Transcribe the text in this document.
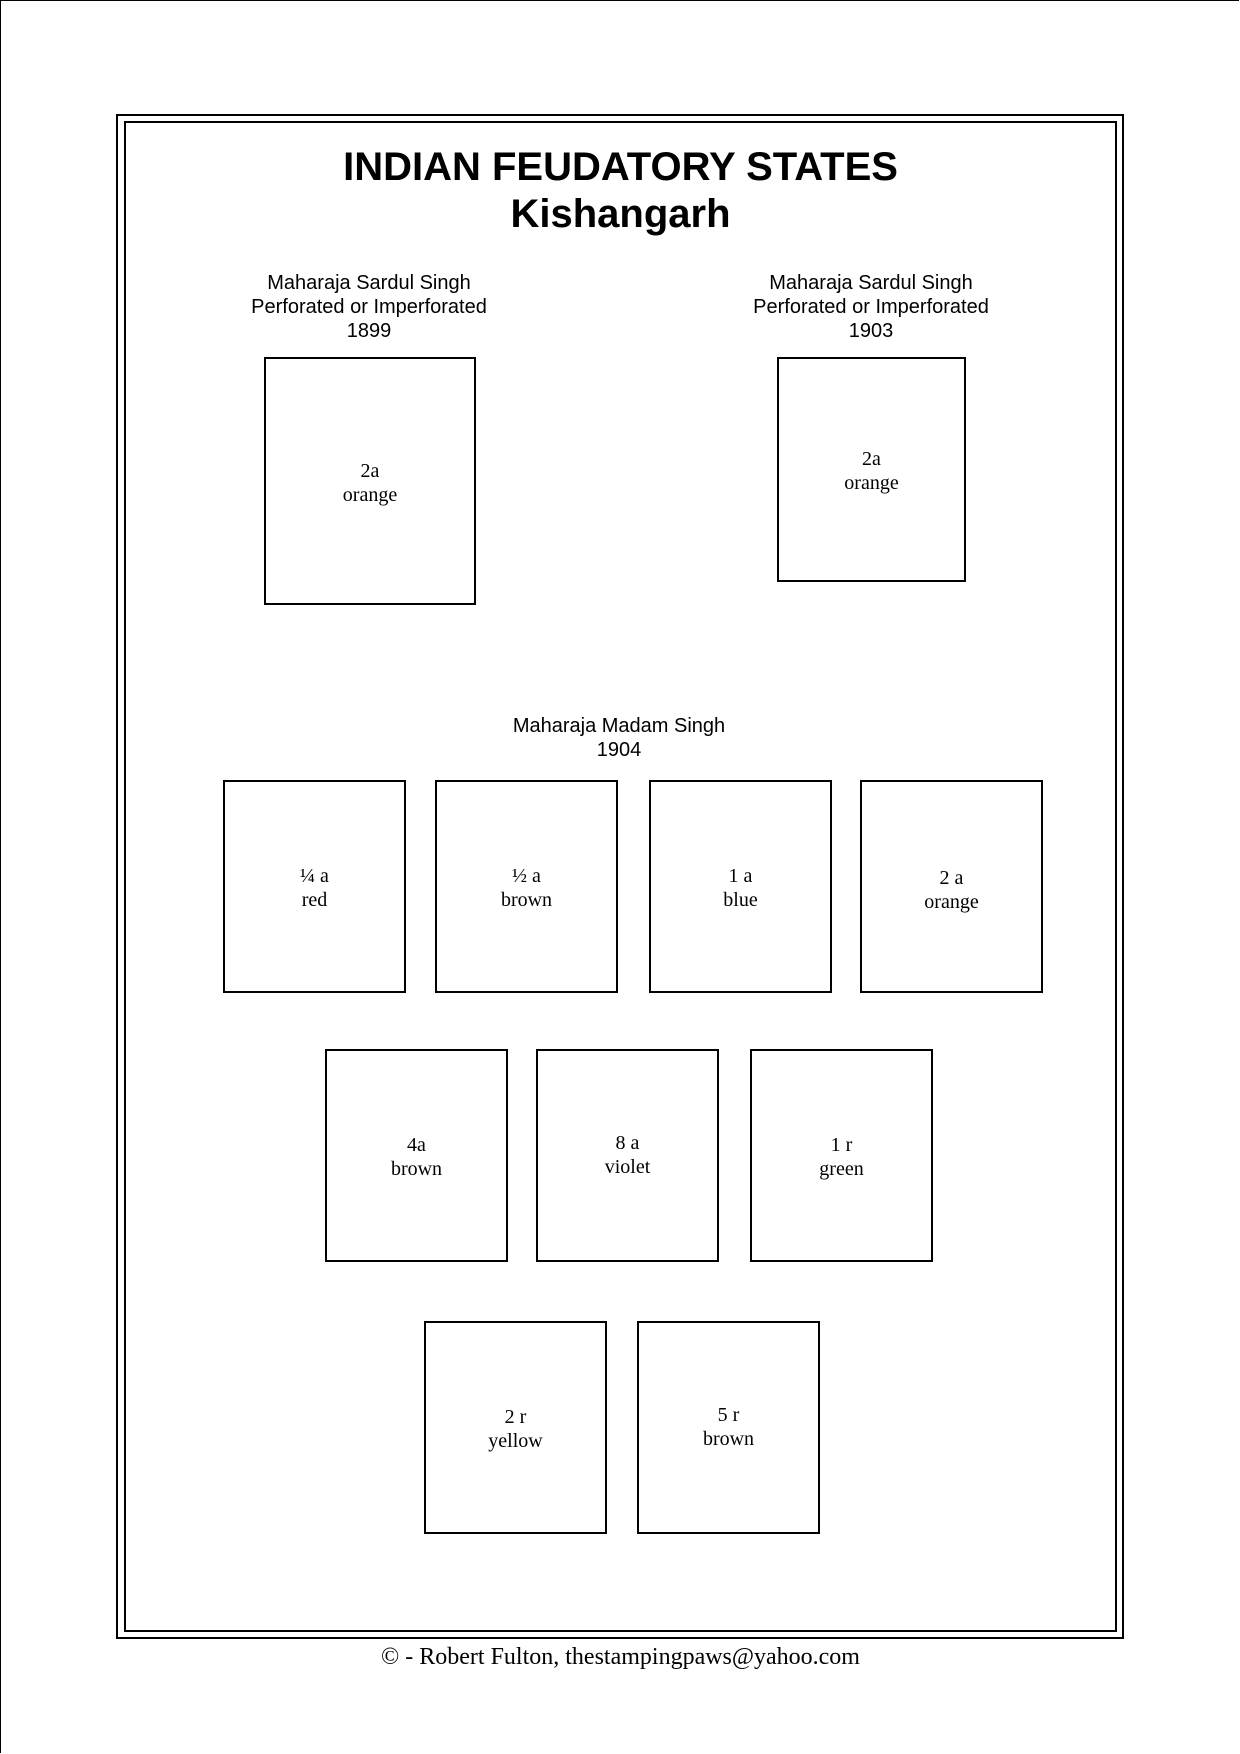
INDIAN FEUDATORY STATES
Kishangarh
Maharaja Sardul Singh
Perforated or Imperforated
1899
2a
orange
Maharaja Sardul Singh
Perforated or Imperforated
1903
2a
orange
Maharaja Madam Singh
1904
¼ a
red
½ a
brown
1 a
blue
2 a
orange
4a
brown
8 a
violet
1 r
green
2 r
yellow
5 r
brown
© - Robert Fulton, thestampingpaws@yahoo.com
